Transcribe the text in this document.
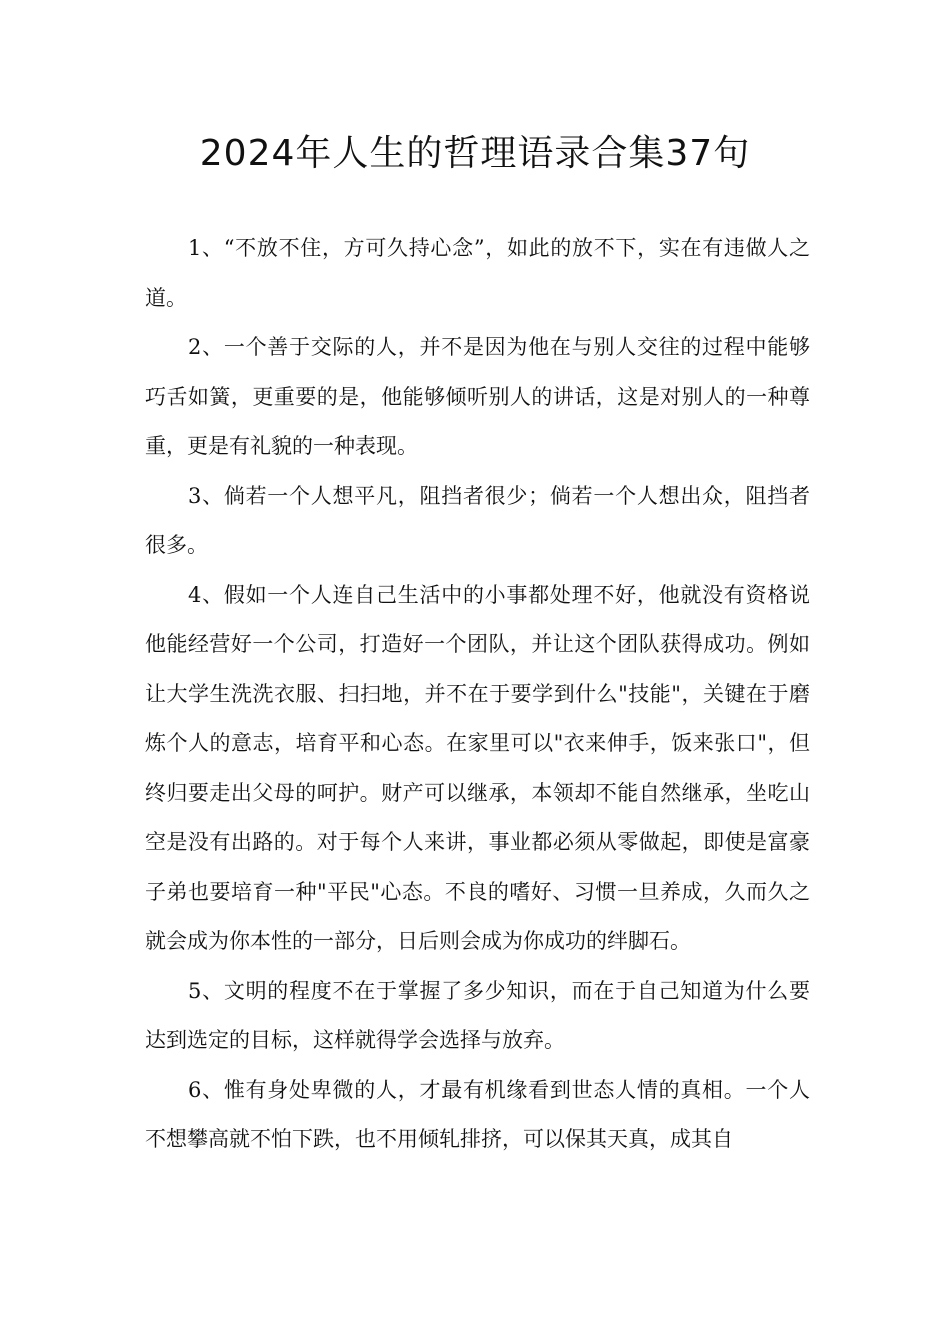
2024年人生的哲理语录合集37句

1、“不放不住，方可久持心念”，如此的放不下，实在有违做人之道。

2、一个善于交际的人，并不是因为他在与别人交往的过程中能够巧舌如簧，更重要的是，他能够倾听别人的讲话，这是对别人的一种尊重，更是有礼貌的一种表现。

3、倘若一个人想平凡，阻挡者很少；倘若一个人想出众，阻挡者很多。

4、假如一个人连自己生活中的小事都处理不好，他就没有资格说他能经营好一个公司，打造好一个团队，并让这个团队获得成功。例如让大学生洗洗衣服、扫扫地，并不在于要学到什么"技能"，关键在于磨炼个人的意志，培育平和心态。在家里可以"衣来伸手，饭来张口"，但终归要走出父母的呵护。财产可以继承，本领却不能自然继承，坐吃山空是没有出路的。对于每个人来讲，事业都必须从零做起，即使是富豪子弟也要培育一种"平民"心态。不良的嗜好、习惯一旦养成，久而久之就会成为你本性的一部分，日后则会成为你成功的绊脚石。

5、文明的程度不在于掌握了多少知识，而在于自己知道为什么要达到选定的目标，这样就得学会选择与放弃。

6、惟有身处卑微的人，才最有机缘看到世态人情的真相。一个人不想攀高就不怕下跌，也不用倾轧排挤，可以保其天真，成其自
